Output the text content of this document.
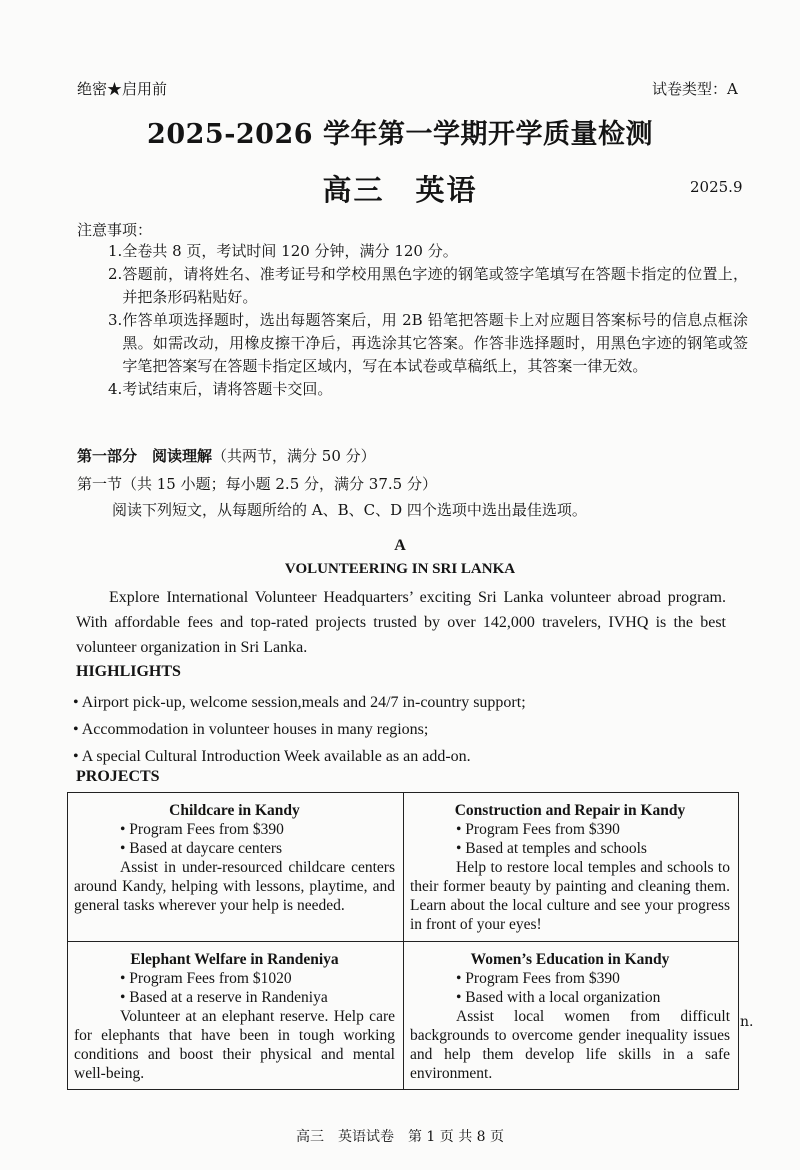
绝密★启用前	试卷类型：A
2025-2026 学年第一学期开学质量检测
高三　英语	2025.9
注意事项：
1. 全卷共 8 页，考试时间 120 分钟，满分 120 分。
2. 答题前，请将姓名、准考证号和学校用黑色字迹的钢笔或签字笔填写在答题卡指定的位置上，并把条形码粘贴好。
3. 作答单项选择题时，选出每题答案后，用 2B 铅笔把答题卡上对应题目答案标号的信息点框涂黑。如需改动，用橡皮擦干净后，再选涂其它答案。作答非选择题时，用黑色字迹的钢笔或签字笔把答案写在答题卡指定区域内，写在本试卷或草稿纸上，其答案一律无效。
4. 考试结束后，请将答题卡交回。
第一部分　阅读理解（共两节，满分 50 分）
第一节（共 15 小题；每小题 2.5 分，满分 37.5 分）
阅读下列短文，从每题所给的 A、B、C、D 四个选项中选出最佳选项。
A
VOLUNTEERING IN SRI LANKA
Explore International Volunteer Headquarters’ exciting Sri Lanka volunteer abroad program. With affordable fees and top-rated projects trusted by over 142,000 travelers, IVHQ is the best volunteer organization in Sri Lanka.
HIGHLIGHTS
• Airport pick-up, welcome session,meals and 24/7 in-country support;
• Accommodation in volunteer houses in many regions;
• A special Cultural Introduction Week available as an add-on.
PROJECTS
Childcare in Kandy
• Program Fees from $390
• Based at daycare centers
Assist in under-resourced childcare centers around Kandy, helping with lessons, playtime, and general tasks wherever your help is needed.
Construction and Repair in Kandy
• Program Fees from $390
• Based at temples and schools
Help to restore local temples and schools to their former beauty by painting and cleaning them. Learn about the local culture and see your progress in front of your eyes!
Elephant Welfare in Randeniya
• Program Fees from $1020
• Based at a reserve in Randeniya
Volunteer at an elephant reserve. Help care for elephants that have been in tough working conditions and boost their physical and mental well-being.
Women’s Education in Kandy
• Program Fees from $390
• Based with a local organization
Assist local women from difficult backgrounds to overcome gender inequality issues and help them develop life skills in a safe environment.
n.
高三　英语试卷　第 1 页 共 8 页
